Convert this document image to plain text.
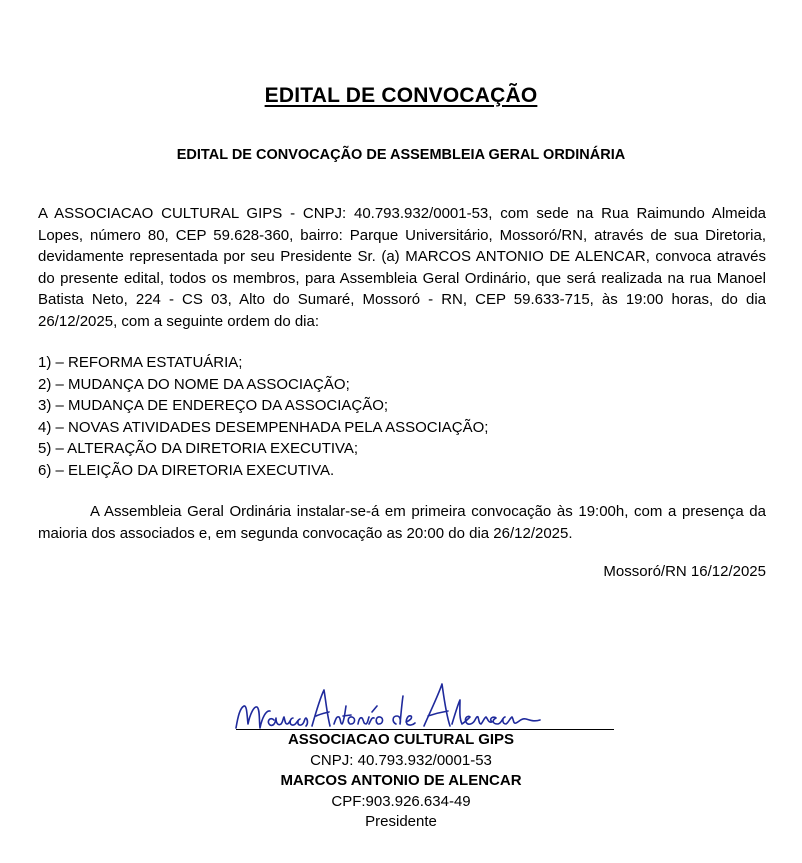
EDITAL DE CONVOCAÇÃO
EDITAL DE CONVOCAÇÃO DE ASSEMBLEIA GERAL ORDINÁRIA

A ASSOCIACAO CULTURAL GIPS - CNPJ: 40.793.932/0001-53, com sede na Rua Raimundo Almeida Lopes, número 80, CEP 59.628-360, bairro: Parque Universitário, Mossoró/RN, através de sua Diretoria, devidamente representada por seu Presidente Sr. (a) MARCOS ANTONIO DE ALENCAR, convoca através do presente edital, todos os membros, para Assembleia Geral Ordinário, que será realizada na rua Manoel Batista Neto, 224 - CS 03, Alto do Sumaré, Mossoró - RN, CEP 59.633-715, às 19:00 horas, do dia 26/12/2025, com a seguinte ordem do dia:

1) – REFORMA ESTATUÁRIA;
2) – MUDANÇA DO NOME DA ASSOCIAÇÃO;
3) – MUDANÇA DE ENDEREÇO DA ASSOCIAÇÃO;
4) – NOVAS ATIVIDADES DESEMPENHADA PELA ASSOCIAÇÃO;
5) – ALTERAÇÃO DA DIRETORIA EXECUTIVA;
6) – ELEIÇÃO DA DIRETORIA EXECUTIVA.

A Assembleia Geral Ordinária instalar-se-á em primeira convocação às 19:00h, com a presença da maioria dos associados e, em segunda convocação as 20:00 do dia 26/12/2025.

Mossoró/RN 16/12/2025
ASSOCIACAO CULTURAL GIPS
CNPJ: 40.793.932/0001-53
MARCOS ANTONIO DE ALENCAR
CPF:903.926.634-49
Presidente
